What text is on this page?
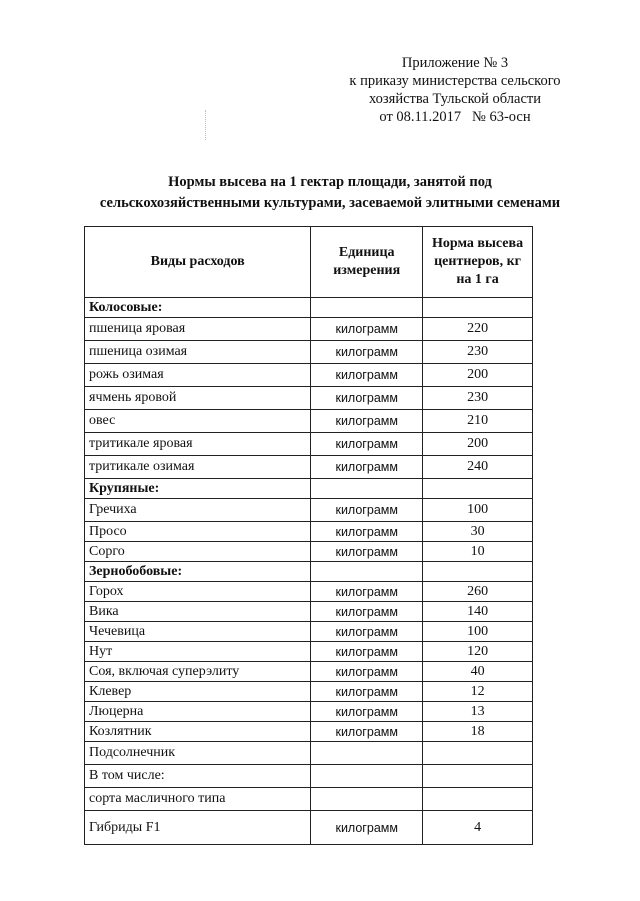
Приложение № 3
к приказу министерства сельского
хозяйства Тульской области
от 08.11.2017   № 63-осн
Нормы высева на 1 гектар площади, занятой под
сельскохозяйственными культурами, засеваемой элитными семенами
Виды расходов	Единица измерения	Норма высева центнеров, кг на 1 га
Колосовые:		
пшеница яровая	килограмм	220
пшеница озимая	килограмм	230
рожь озимая	килограмм	200
ячмень яровой	килограмм	230
овес	килограмм	210
тритикале яровая	килограмм	200
тритикале озимая	килограмм	240
Крупяные:		
Гречиха	килограмм	100
Просо	килограмм	30
Сорго	килограмм	10
Зернобобовые:		
Горох	килограмм	260
Вика	килограмм	140
Чечевица	килограмм	100
Нут	килограмм	120
Соя, включая суперэлиту	килограмм	40
Клевер	килограмм	12
Люцерна	килограмм	13
Козлятник	килограмм	18
Подсолнечник		
В том числе:		
сорта масличного типа		
Гибриды F1	килограмм	4
